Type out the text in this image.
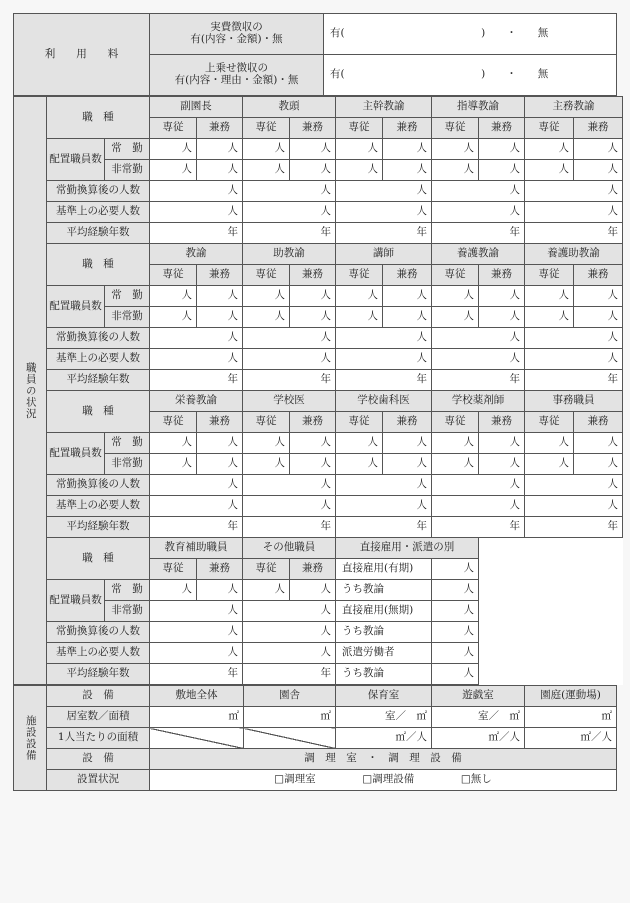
利　　用　　料	実費徴収の
有(内容・金額)・無	有(　　　　　　　　　　　　　)　　・　　無
	上乗せ徴収の
有(内容・理由・金額)・無	有(　　　　　　　　　　　　　)　　・　　無
職員の状況	職　種		副園長		教頭		主幹教諭		指導教諭		主務教諭	
			専従	兼務	専従	兼務	専従	兼務	専従	兼務	専従	兼務
	配置職員数	常　勤	人	人	人	人	人	人	人	人	人	人
		非常勤	人	人	人	人	人	人	人	人	人	人
	常勤換算後の人数		人		人		人		人		人	
	基準上の必要人数		人		人		人		人		人	
	平均経験年数		年		年		年		年		年	
	職　種		教諭		助教諭		講師		養護教諭		養護助教諭	
			専従	兼務	専従	兼務	専従	兼務	専従	兼務	専従	兼務
	配置職員数	常　勤	人	人	人	人	人	人	人	人	人	人
		非常勤	人	人	人	人	人	人	人	人	人	人
	常勤換算後の人数		人		人		人		人		人	
	基準上の必要人数		人		人		人		人		人	
	平均経験年数		年		年		年		年		年	
	職　種		栄養教諭		学校医		学校歯科医		学校薬剤師		事務職員	
			専従	兼務	専従	兼務	専従	兼務	専従	兼務	専従	兼務
	配置職員数	常　勤	人	人	人	人	人	人	人	人	人	人
		非常勤	人	人	人	人	人	人	人	人	人	人
	常勤換算後の人数		人		人		人		人		人	
	基準上の必要人数		人		人		人		人		人	
	平均経験年数		年		年		年		年		年	
	職　種		教育補助職員		その他職員		直接雇用・派遣の別					
			専従	兼務	専従	兼務	直接雇用(有期)		人			
	配置職員数	常　勤	人	人	人	人	うち教論		人			
		非常勤	人		人		直接雇用(無期)		人			
	常勤換算後の人数		人		人		うち教論		人			
	基準上の必要人数		人		人		派遣労働者		人			
	平均経験年数		年		年		うち教論		人			
施設設備	設　備	敷地全体	園舎	保育室	遊戯室	園庭(運動場)
	居室数／面積	㎡	㎡	室／　㎡	室／　㎡	㎡
	1人当たりの面積			㎡／人	㎡／人	㎡／人
	設　備	調　理　室　・　調　理　設　備				
	設置状況	□調理室 □調理設備 □無し				
